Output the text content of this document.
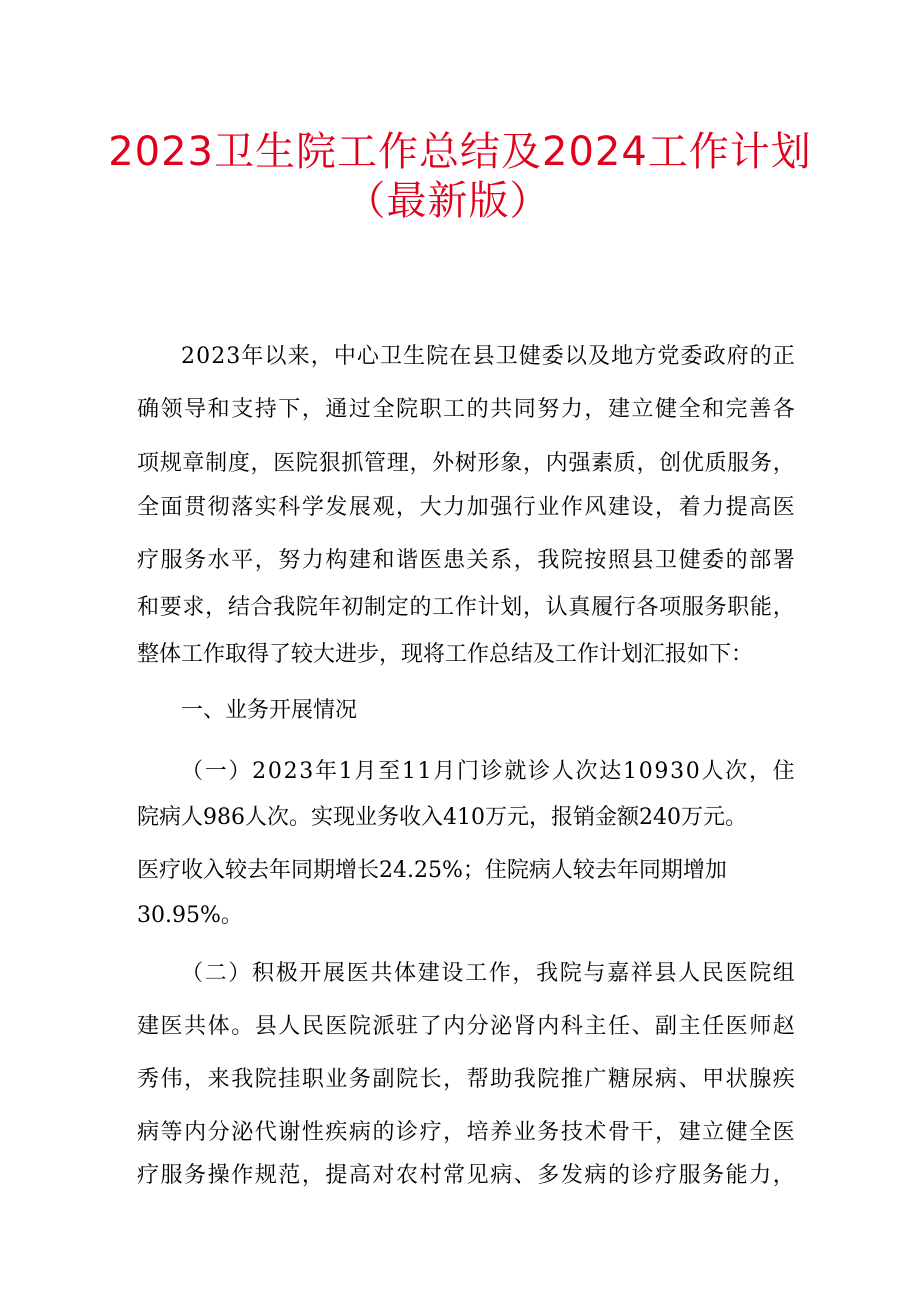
2023卫生院工作总结及2024工作计划
（最新版）
2 0 2 3 年 以 来 ， 中 心 卫 生 院 在 县 卫 健 委 以 及 地 方 党 委 政 府 的 正
确 领 导 和 支 持 下 ， 通 过 全 院 职 工 的 共 同 努 力 ， 建 立 健 全 和 完 善 各
项 规 章 制 度 ， 医 院 狠 抓 管 理 ， 外 树 形 象 ， 内 强 素 质 ， 创 优 质 服 务 ，
全 面 贯 彻 落 实 科 学 发 展 观 ， 大 力 加 强 行 业 作 风 建 设 ， 着 力 提 高 医
疗 服 务 水 平 ， 努 力 构 建 和 谐 医 患 关 系 ， 我 院 按 照 县 卫 健 委 的 部 署
和 要 求 ， 结 合 我 院 年 初 制 定 的 工 作 计 划 ， 认 真 履 行 各 项 服 务 职 能 ，
整体工作取得了较大进步，现将工作总结及工作计划汇报如下：
一、业务开展情况
（ 一 ） 2 0 2 3 年 1 月 至 1 1 月 门 诊 就 诊 人 次 达 1 0 9 3 0 人 次 ， 住
院病人986人次。实现业务收入410万元，报销金额240万元。
医疗收入较去年同期增长24.25%；住院病人较去年同期增加
30.95%。
（ 二 ） 积 极 开 展 医 共 体 建 设 工 作 ， 我 院 与 嘉 祥 县 人 民 医 院 组
建 医 共 体 。 县 人 民 医 院 派 驻 了 内 分 泌 肾 内 科 主 任 、 副 主 任 医 师 赵
秀 伟 ， 来 我 院 挂 职 业 务 副 院 长 ， 帮 助 我 院 推 广 糖 尿 病 、 甲 状 腺 疾
病 等 内 分 泌 代 谢 性 疾 病 的 诊 疗 ， 培 养 业 务 技 术 骨 干 ， 建 立 健 全 医
疗 服 务 操 作 规 范 ， 提 高 对 农 村 常 见 病 、 多 发 病 的 诊 疗 服 务 能 力 ，
